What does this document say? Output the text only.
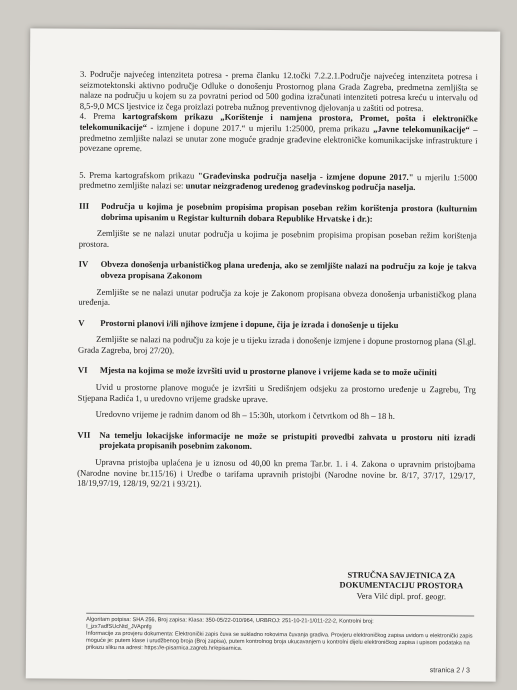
3. Područje najvećeg intenziteta potresa - prema članku 12.točki 7.2.2.1.Područje najvećeg intenziteta potresa i seizmotektonski aktivno područje Odluke o donošenju Prostornog plana Grada Zagreba, predmetna zemljišta se nalaze na području u kojem su za povratni period od 500 godina izračunati intenziteti potresa kreću u intervalu od 8,5-9,0 MCS ljestvice iz čega proizlazi potreba nužnog preventivnog djelovanja u zaštiti od potresa.

4. Prema kartografskom prikazu „Korištenje i namjena prostora, Promet, pošta i elektroničke telekomunikacije“ - izmjene i dopune 2017.“ u mjerilu 1:25000, prema prikazu „Javne telekomunikacije“ – predmetno zemljište nalazi se unutar zone moguće gradnje građevine elektroničke komunikacijske infrastrukture i povezane opreme.

5. Prema kartografskom prikazu "Građevinska područja naselja - izmjene dopune 2017." u mjerilu 1:5000 predmetno zemljište nalazi se: unutar neizgrađenog uređenog građevinskog područja naselja.

III	Područja u kojima je posebnim propisima propisan poseban režim korištenja prostora (kulturnim dobrima upisanim u Registar kulturnih dobara Republike Hrvatske i dr.):

Zemljište se ne nalazi unutar područja u kojima je posebnim propisima propisan poseban režim korištenja prostora.

IV	Obveza donošenja urbanističkog plana uređenja, ako se zemljište nalazi na području za koje je takva obveza propisana Zakonom

Zemljište se ne nalazi unutar područja za koje je Zakonom propisana obveza donošenja urbanističkog plana uređenja.

V	Prostorni planovi i/ili njihove izmjene i dopune, čija je izrada i donošenje u tijeku

Zemljište se nalazi na području za koje je u tijeku izrada i donošenje izmjene i dopune prostornog plana (Sl.gl. Grada Zagreba, broj 27/20).

VI	Mjesta na kojima se može izvršiti uvid u prostorne planove i vrijeme kada se to može učiniti

Uvid u prostorne planove moguće je izvršiti u Središnjem odsjeku za prostorno uređenje u Zagrebu, Trg Stjepana Radića 1, u uredovno vrijeme gradske uprave.

Uredovno vrijeme je radnim danom od 8h – 15:30h, utorkom i četvrtkom od 8h – 18 h.

VII	Na temelju lokacijske informacije ne može se pristupiti provedbi zahvata u prostoru niti izradi projekata propisanih posebnim zakonom.

Upravna pristojba uplaćena je u iznosu od 40,00 kn prema Tar.br. 1. i 4. Zakona o upravnim pristojbama (Narodne novine br.115/16) i Uredbe o tarifama upravnih pristojbi (Narodne novine br. 8/17, 37/17, 129/17, 18/19,97/19, 128/19, 92/21 i 93/21).

STRUČNA SAVJETNICA ZA
DOKUMENTACIJU PROSTORA
Vera Vilć dipl. prof. geogr.
Algoritam potpisa: SHA 256, Broj zapisa: Klasa: 350-05/22-010/964, URBROJ: 251-10-21-1/011-22-2, Kontrolni broj:
I_jzx7adfSUcNtd_JVApnfg
Informacije za provjeru dokumenta: Elektronički zapis čuva se sukladno rokovima čuvanja gradiva. Provjeru elektroničkog zapisa uvidom u elektronički zapis moguće je: putem klase i urudžbenog broja (Broj zapisa), putem kontrolnog broja ukucavanjem u kontrolni dijelu elektroničkog zapisa i upisom podataka na prikazu sliku na adresi: https://e-pisarnica.zagreb.hr/episarnica.
stranica 2 / 3
